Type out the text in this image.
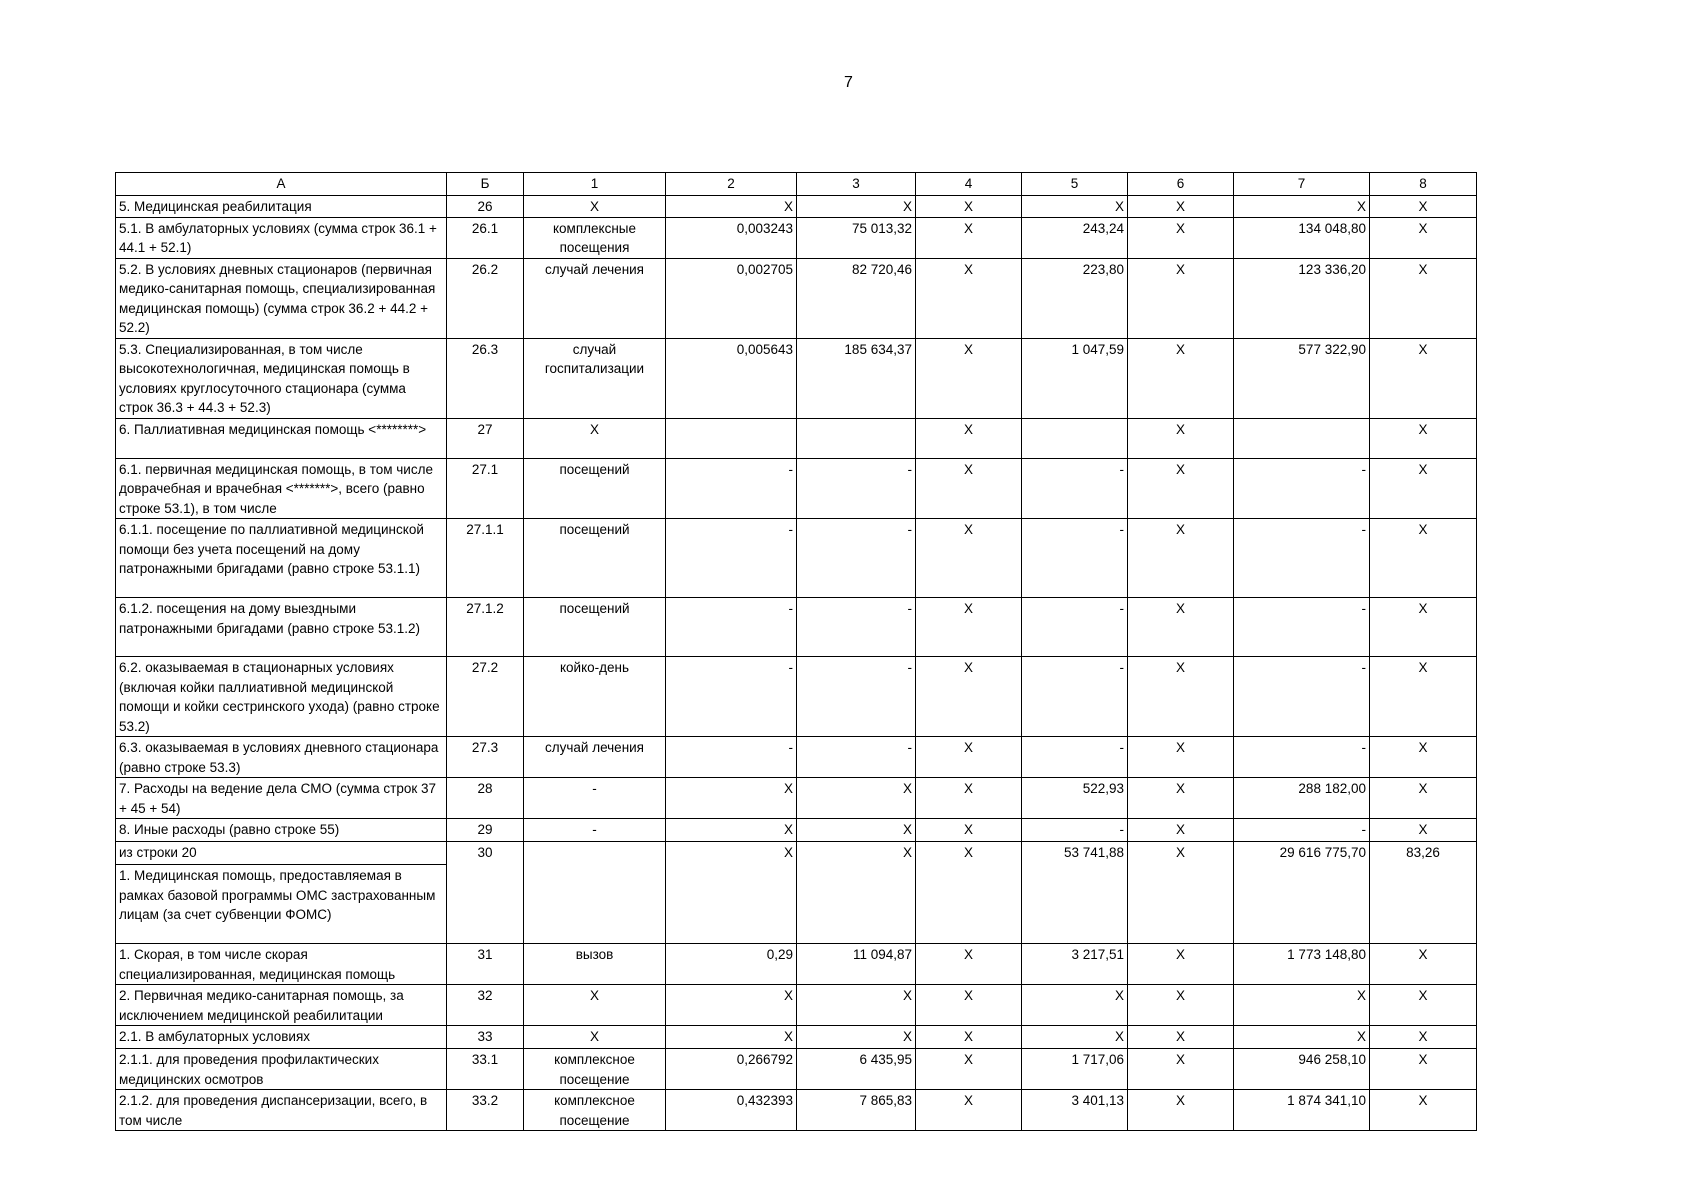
7
А	Б	1	2	3	4	5	6	7	8
5. Медицинская реабилитация	26	Х	Х	Х	Х	Х	Х	Х	Х
5.1. В амбулаторных условиях (сумма строк 36.1 + 44.1 + 52.1)	26.1	комплексные посещения	0,003243	75 013,32	Х	243,24	Х	134 048,80	Х
5.2. В условиях дневных стационаров (первичная медико-санитарная помощь, специализированная медицинская помощь) (сумма строк 36.2 + 44.2 + 52.2)	26.2	случай лечения	0,002705	82 720,46	Х	223,80	Х	123 336,20	Х
5.3. Специализированная, в том числе высокотехнологичная, медицинская помощь в условиях круглосуточного стационара (сумма строк 36.3 + 44.3 + 52.3)	26.3	случай госпитализации	0,005643	185 634,37	Х	1 047,59	Х	577 322,90	Х
6. Паллиативная медицинская помощь <********>	27	Х			Х		Х		Х
6.1. первичная медицинская помощь, в том числе доврачебная и врачебная <*******>, всего (равно строке 53.1), в том числе	27.1	посещений	-	-	Х	-	Х	-	Х
6.1.1. посещение по паллиативной медицинской помощи без учета посещений на дому патронажными бригадами (равно строке 53.1.1)	27.1.1	посещений	-	-	Х	-	Х	-	Х
6.1.2. посещения на дому выездными патронажными бригадами (равно строке 53.1.2)	27.1.2	посещений	-	-	Х	-	Х	-	Х
6.2. оказываемая в стационарных условиях (включая койки паллиативной медицинской помощи и койки сестринского ухода) (равно строке 53.2)	27.2	койко-день	-	-	Х	-	Х	-	Х
6.3. оказываемая в условиях дневного стационара (равно строке 53.3)	27.3	случай лечения	-	-	Х	-	Х	-	Х
7. Расходы на ведение дела СМО (сумма строк 37 + 45 + 54)	28	-	Х	Х	Х	522,93	Х	288 182,00	Х
8. Иные расходы (равно строке 55)	29	-	Х	Х	Х	-	Х	-	Х
из строки 20	30		Х	Х	Х	53 741,88	Х	29 616 775,70	83,26
1. Медицинская помощь, предоставляемая в рамках базовой программы ОМС застрахованным лицам (за счет субвенции ФОМС)									
1. Скорая, в том числе скорая специализированная, медицинская помощь	31	вызов	0,29	11 094,87	Х	3 217,51	Х	1 773 148,80	Х
2. Первичная медико-санитарная помощь, за исключением медицинской реабилитации	32	Х	Х	Х	Х	Х	Х	Х	Х
2.1. В амбулаторных условиях	33	Х	Х	Х	Х	Х	Х	Х	Х
2.1.1. для проведения профилактических медицинских осмотров	33.1	комплексное посещение	0,266792	6 435,95	Х	1 717,06	Х	946 258,10	Х
2.1.2. для проведения диспансеризации, всего, в том числе	33.2	комплексное посещение	0,432393	7 865,83	Х	3 401,13	Х	1 874 341,10	Х
